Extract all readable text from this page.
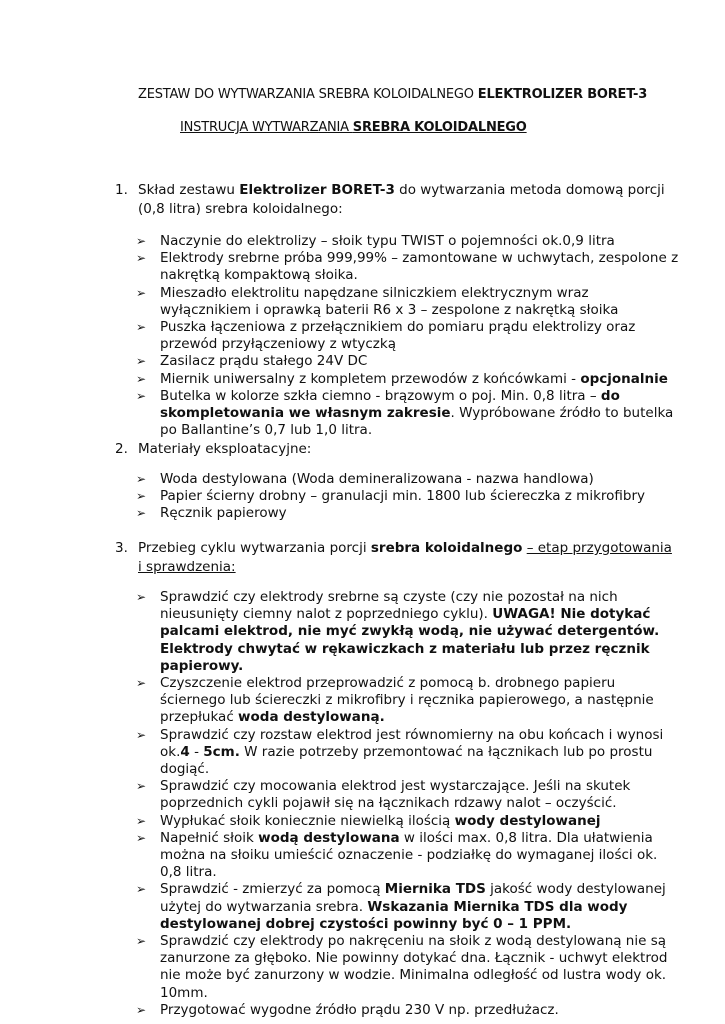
ZESTAW DO WYTWARZANIA SREBRA KOLOIDALNEGO ELEKTROLIZER BORET-3
INSTRUCJA WYTWARZANIA SREBRA KOLOIDALNEGO
1. Skład zestawu Elektrolizer BORET-3 do wytwarzania metoda domową porcji (0,8 litra) srebra koloidalnego:
➢ Naczynie do elektrolizy – słoik typu TWIST o pojemności ok.0,9 litra
➢ Elektrody srebrne próba 999,99% – zamontowane w uchwytach, zespolone z nakrętką kompaktową słoika.
➢ Mieszadło elektrolitu napędzane silniczkiem elektrycznym wraz wyłącznikiem i oprawką baterii R6 x 3 – zespolone z nakrętką słoika
➢ Puszka łączeniowa z przełącznikiem do pomiaru prądu elektrolizy oraz przewód przyłączeniowy z wtyczką
➢ Zasilacz prądu stałego 24V DC
➢ Miernik uniwersalny z kompletem przewodów z końcówkami - opcjonalnie
➢ Butelka w kolorze szkła ciemno - brązowym o poj. Min. 0,8 litra – do skompletowania we własnym zakresie. Wypróbowane źródło to butelka po Ballantine’s 0,7 lub 1,0 litra.
2. Materiały eksploatacyjne:
➢ Woda destylowana (Woda demineralizowana - nazwa handlowa)
➢ Papier ścierny drobny – granulacji min. 1800 lub ściereczka z mikrofibry
➢ Ręcznik papierowy
3. Przebieg cyklu wytwarzania porcji srebra koloidalnego – etap przygotowania i sprawdzenia:
➢ Sprawdzić czy elektrody srebrne są czyste (czy nie pozostał na nich nieusunięty ciemny nalot z poprzedniego cyklu). UWAGA! Nie dotykać palcami elektrod, nie myć zwykłą wodą, nie używać detergentów. Elektrody chwytać w rękawiczkach z materiału lub przez ręcznik papierowy.
➢ Czyszczenie elektrod przeprowadzić z pomocą b. drobnego papieru ściernego lub ściereczki z mikrofibry i ręcznika papierowego, a następnie przepłukać woda destylowaną.
➢ Sprawdzić czy rozstaw elektrod jest równomierny na obu końcach i wynosi ok.4 - 5cm. W razie potrzeby przemontować na łącznikach lub po prostu dogiąć.
➢ Sprawdzić czy mocowania elektrod jest wystarczające. Jeśli na skutek poprzednich cykli pojawił się na łącznikach rdzawy nalot – oczyścić.
➢ Wypłukać słoik koniecznie niewielką ilością wody destylowanej
➢ Napełnić słoik wodą destylowana w ilości max. 0,8 litra. Dla ułatwienia można na słoiku umieścić oznaczenie - podziałkę do wymaganej ilości ok. 0,8 litra.
➢ Sprawdzić - zmierzyć za pomocą Miernika TDS jakość wody destylowanej użytej do wytwarzania srebra. Wskazania Miernika TDS dla wody destylowanej dobrej czystości powinny być 0 – 1 PPM.
➢ Sprawdzić czy elektrody po nakręceniu na słoik z wodą destylowaną nie są zanurzone za głęboko. Nie powinny dotykać dna. Łącznik - uchwyt elektrod nie może być zanurzony w wodzie. Minimalna odległość od lustra wody ok. 10mm.
➢ Przygotować wygodne źródło prądu 230 V np. przedłużacz.
